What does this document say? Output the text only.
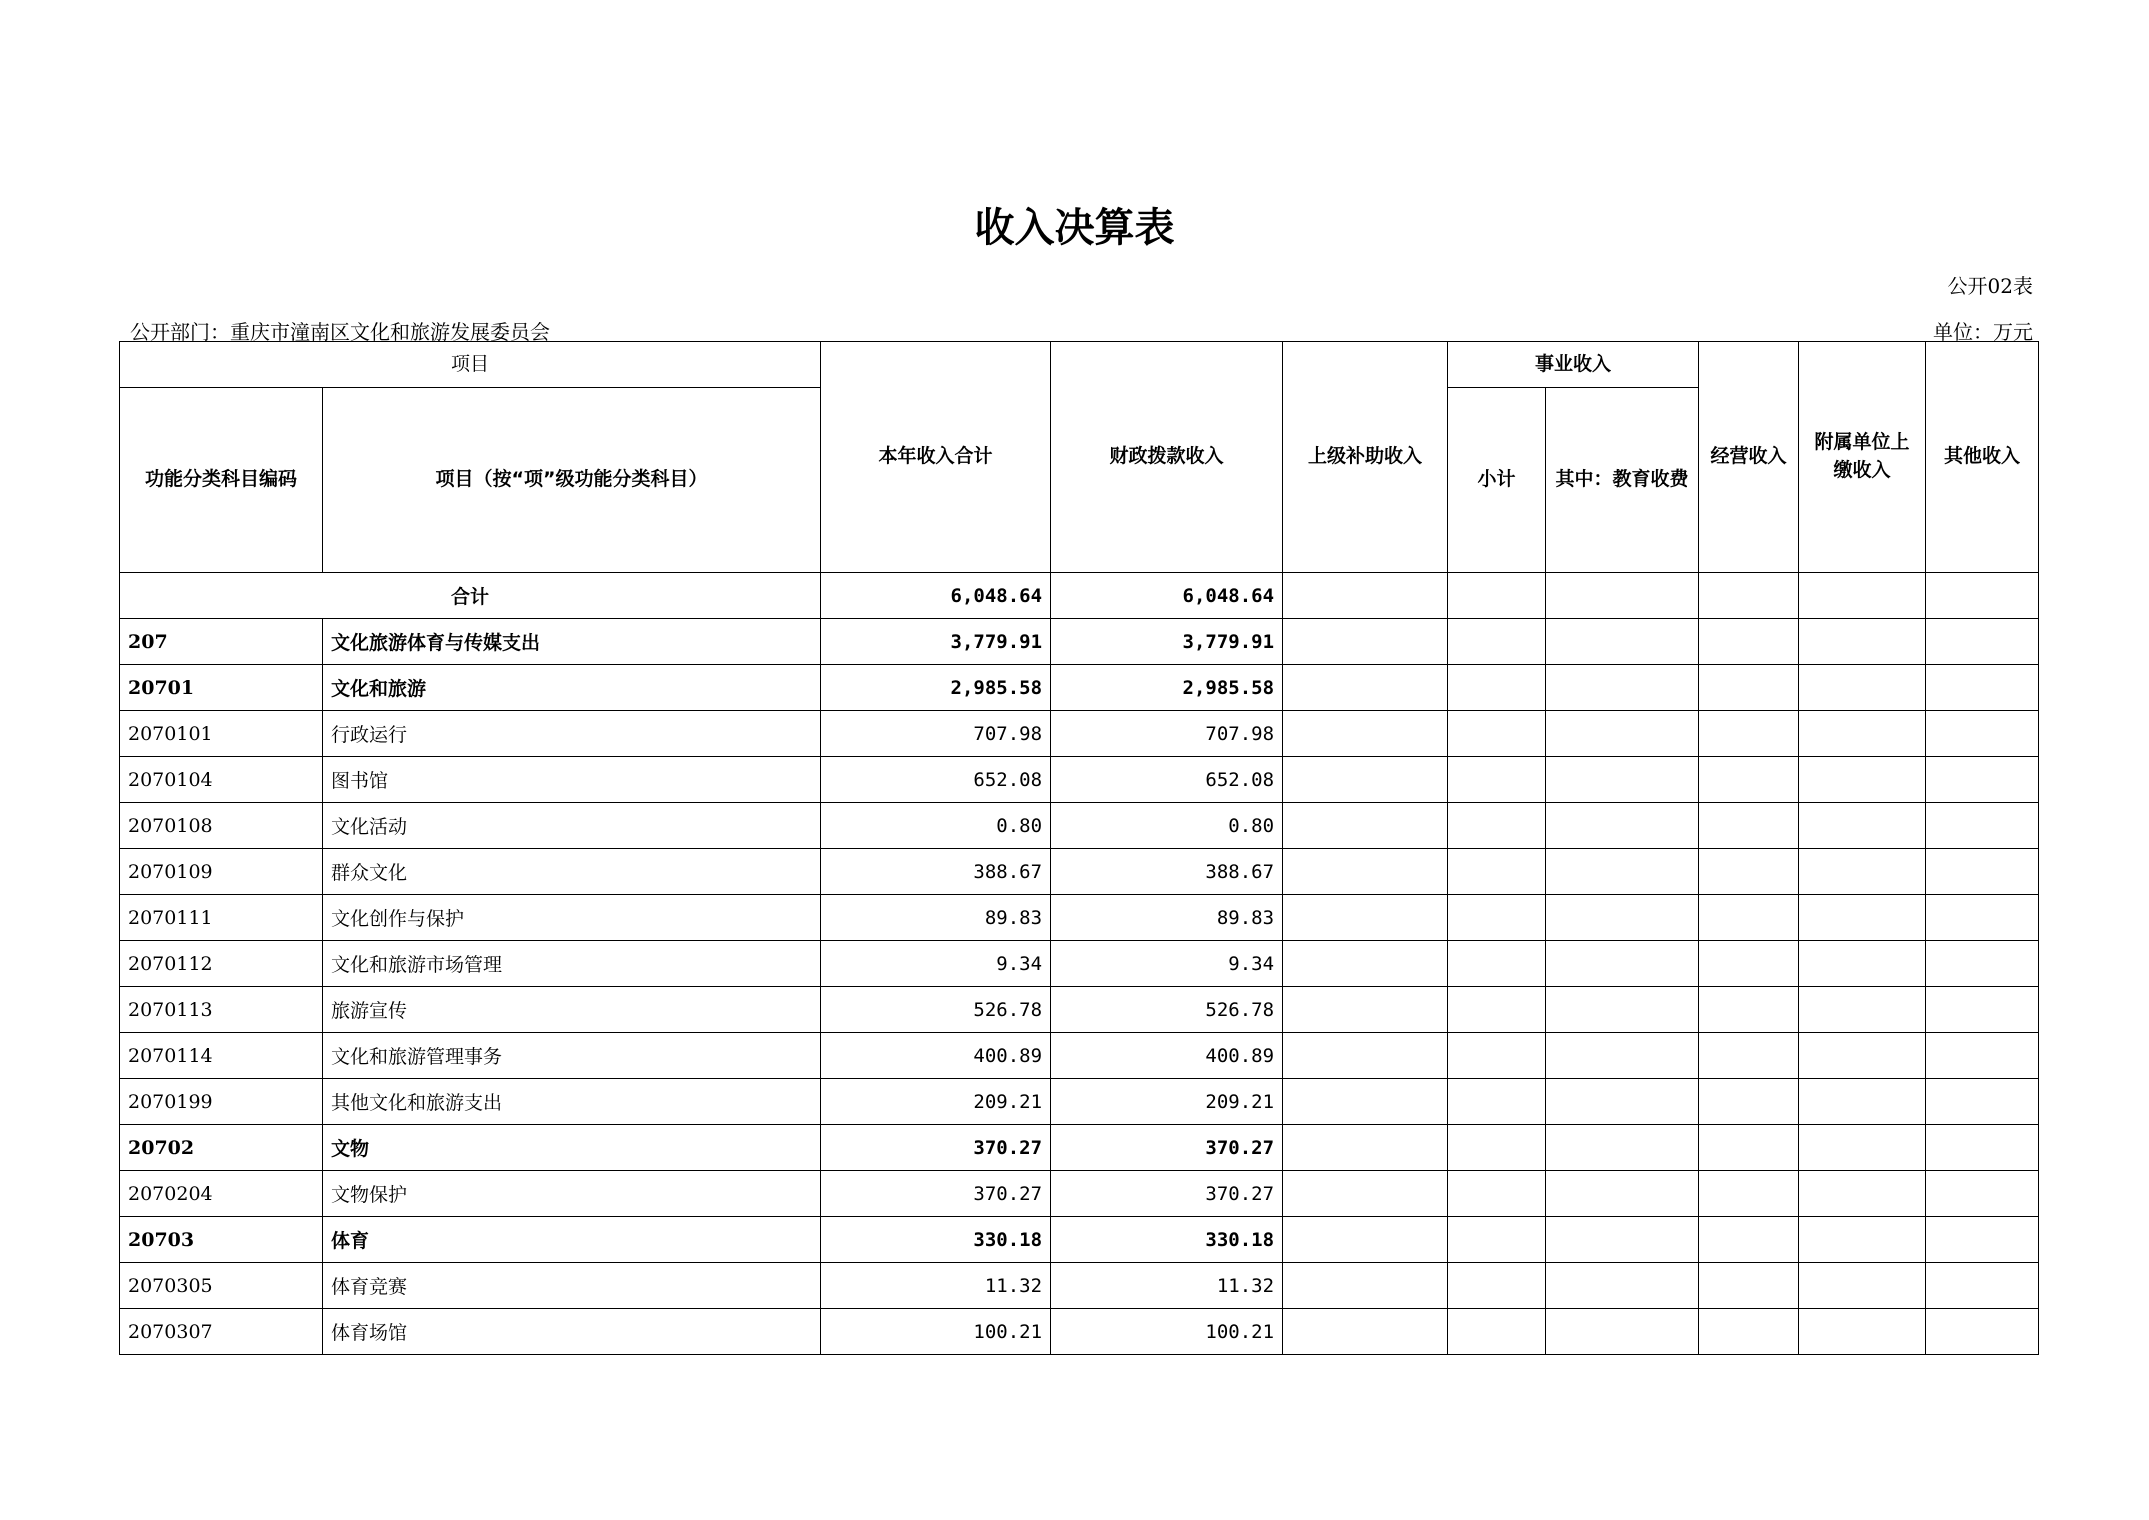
收入决算表
公开02表
公开部门：重庆市潼南区文化和旅游发展委员会	单位：万元
项目		本年收入合计	财政拨款收入	上级补助收入	事业收入		经营收入	附属单位上缴收入	其他收入
功能分类科目编码	项目（按“项”级功能分类科目）				小计	其中：教育收费			
合计		6,048.64	6,048.64						
207	文化旅游体育与传媒支出	3,779.91	3,779.91						
20701	文化和旅游	2,985.58	2,985.58						
2070101	行政运行	707.98	707.98						
2070104	图书馆	652.08	652.08						
2070108	文化活动	0.80	0.80						
2070109	群众文化	388.67	388.67						
2070111	文化创作与保护	89.83	89.83						
2070112	文化和旅游市场管理	9.34	9.34						
2070113	旅游宣传	526.78	526.78						
2070114	文化和旅游管理事务	400.89	400.89						
2070199	其他文化和旅游支出	209.21	209.21						
20702	文物	370.27	370.27						
2070204	文物保护	370.27	370.27						
20703	体育	330.18	330.18						
2070305	体育竞赛	11.32	11.32						
2070307	体育场馆	100.21	100.21						
